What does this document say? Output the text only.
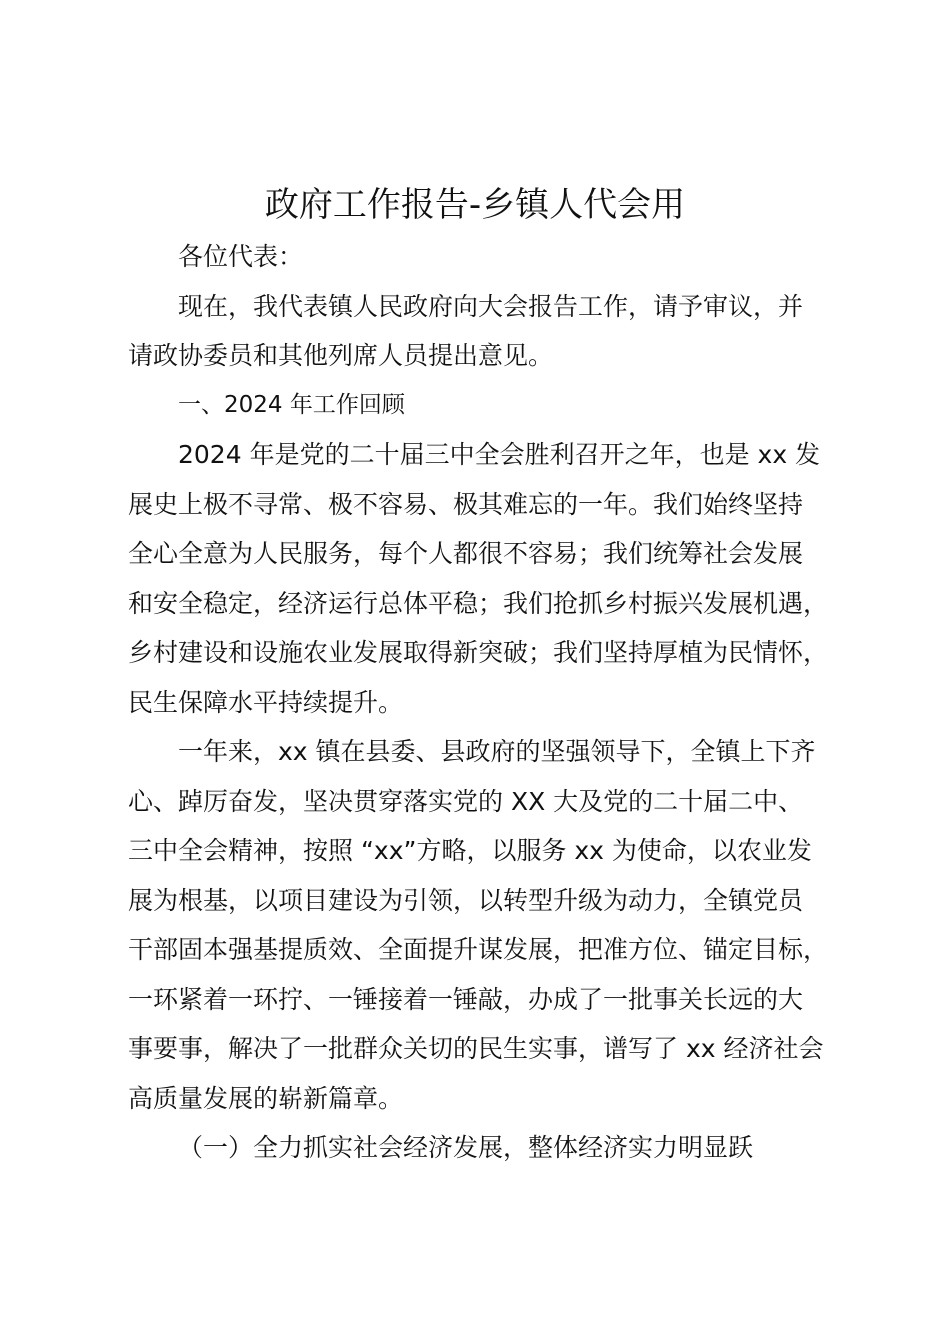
政府工作报告-乡镇人代会用
各位代表：
现在，我代表镇人民政府向大会报告工作，请予审议，并
请政协委员和其他列席人员提出意见。
一、2024 年工作回顾
2024 年是党的二十届三中全会胜利召开之年，也是 xx 发
展史上极不寻常、极不容易、极其难忘的一年。我们始终坚持
全心全意为人民服务，每个人都很不容易；我们统筹社会发展
和安全稳定，经济运行总体平稳；我们抢抓乡村振兴发展机遇，
乡村建设和设施农业发展取得新突破；我们坚持厚植为民情怀，
民生保障水平持续提升。
一年来，xx 镇在县委、县政府的坚强领导下，全镇上下齐
心、踔厉奋发，坚决贯穿落实党的 XX 大及党的二十届二中、
三中全会精神，按照 “xx”方略，以服务 xx 为使命，以农业发
展为根基，以项目建设为引领，以转型升级为动力，全镇党员
干部固本强基提质效、全面提升谋发展，把准方位、锚定目标，
一环紧着一环拧、一锤接着一锤敲，办成了一批事关长远的大
事要事，解决了一批群众关切的民生实事，谱写了 xx 经济社会
高质量发展的崭新篇章。
（一）全力抓实社会经济发展，整体经济实力明显跃
